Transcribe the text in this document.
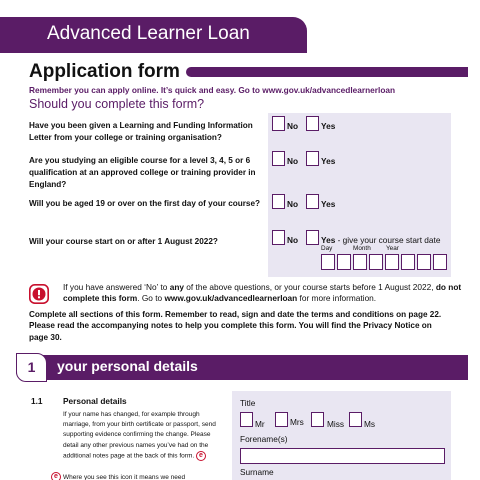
Advanced Learner Loan
Application form
Remember you can apply online. It’s quick and easy. Go to www.gov.uk/advancedlearnerloan
Should you complete this form?
Have you been given a Learning and Funding Information Letter from your college or training organisation?
No	Yes
Are you studying an eligible course for a level 3, 4, 5 or 6 qualification at an approved college or training provider in England?
No	Yes
Will you be aged 19 or over on the first day of your course?	No	Yes
Will your course start on or after 1 August 2022?	No	Yes - give your course start date
Day	Month Year
If you have answered ‘No’ to any of the above questions, or your course starts before 1 August 2022, do not complete this form. Go to www.gov.uk/advancedlearnerloan for more information.
Complete all sections of this form. Remember to read, sign and date the terms and conditions on page 22. Please read the accompanying notes to help you complete this form. You will find the Privacy Notice on page 30.
1	your personal details
1.1 Personal details
If your name has changed, for example through marriage, from your birth certificate or passport, send supporting evidence confirming the change. Please detail any other previous names you’ve had on the additional notes page at the back of this form. e
e Where you see this icon it means we need
Title
Mr	Mrs	Miss Ms
Forename(s)
Surname
